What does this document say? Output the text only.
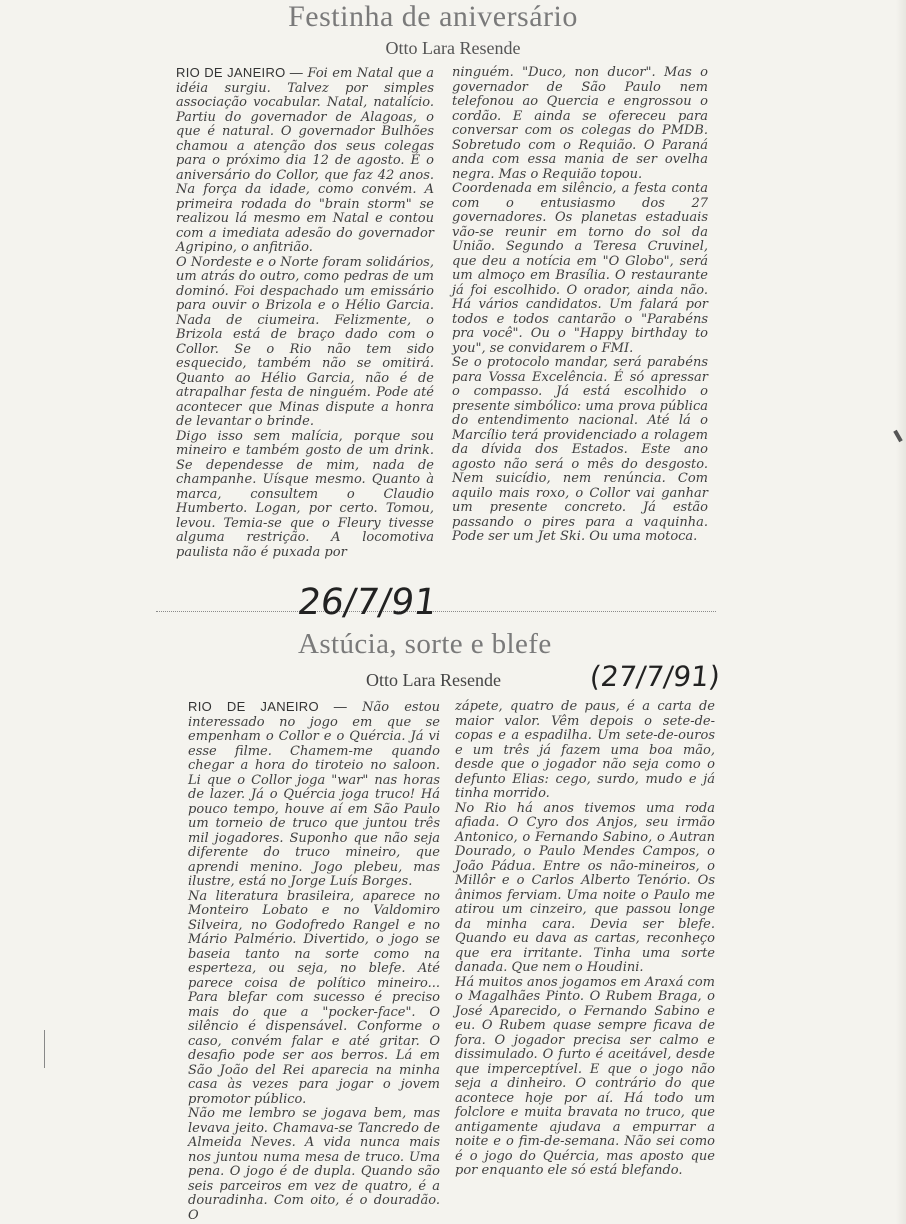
Festinha de aniversário
Otto Lara Resende
RIO DE JANEIRO — Foi em Natal que a idéia surgiu. Talvez por simples associação vocabular. Natal, natalício. Partiu do governador de Alagoas, o que é natural. O governador Bulhões chamou a atenção dos seus colegas para o próximo dia 12 de agosto. É o aniversário do Collor, que faz 42 anos. Na força da idade, como convém. A primeira rodada do "brain storm" se realizou lá mesmo em Natal e contou com a imediata adesão do governador Agripino, o anfitrião.
O Nordeste e o Norte foram solidários, um atrás do outro, como pedras de um dominó. Foi despachado um emissário para ouvir o Brizola e o Hélio Garcia. Nada de ciumeira. Felizmente, o Brizola está de braço dado com o Collor. Se o Rio não tem sido esquecido, também não se omitirá. Quanto ao Hélio Garcia, não é de atrapalhar festa de ninguém. Pode até acontecer que Minas dispute a honra de levantar o brinde.
Digo isso sem malícia, porque sou mineiro e também gosto de um drink. Se dependesse de mim, nada de champanhe. Uísque mesmo. Quanto à marca, consultem o Claudio Humberto. Logan, por certo. Tomou, levou. Temia-se que o Fleury tivesse alguma restrição. A locomotiva paulista não é puxada por
ninguém. "Duco, non ducor". Mas o governador de São Paulo nem telefonou ao Quercia e engrossou o cordão. E ainda se ofereceu para conversar com os colegas do PMDB. Sobretudo com o Requião. O Paraná anda com essa mania de ser ovelha negra. Mas o Requião topou.
Coordenada em silêncio, a festa conta com o entusiasmo dos 27 governadores. Os planetas estaduais vão-se reunir em torno do sol da União. Segundo a Teresa Cruvinel, que deu a notícia em "O Globo", será um almoço em Brasília. O restaurante já foi escolhido. O orador, ainda não. Há vários candidatos. Um falará por todos e todos cantarão o "Parabéns pra você". Ou o "Happy birthday to you", se convidarem o FMI.
Se o protocolo mandar, será parabéns para Vossa Excelência. É só apressar o compasso. Já está escolhido o presente simbólico: uma prova pública do entendimento nacional. Até lá o Marcílio terá providenciado a rolagem da dívida dos Estados. Este ano agosto não será o mês do desgosto. Nem suicídio, nem renúncia. Com aquilo mais roxo, o Collor vai ganhar um presente concreto. Já estão passando o pires para a vaquinha. Pode ser um Jet Ski. Ou uma motoca.
26/7/91
Astúcia, sorte e blefe
Otto Lara Resende	(27/7/91)
RIO DE JANEIRO — Não estou interessado no jogo em que se empenham o Collor e o Quércia. Já vi esse filme. Chamem-me quando chegar a hora do tiroteio no saloon. Li que o Collor joga "war" nas horas de lazer. Já o Quércia joga truco! Há pouco tempo, houve aí em São Paulo um torneio de truco que juntou três mil jogadores. Suponho que não seja diferente do truco mineiro, que aprendi menino. Jogo plebeu, mas ilustre, está no Jorge Luís Borges.
Na literatura brasileira, aparece no Monteiro Lobato e no Valdomiro Silveira, no Godofredo Rangel e no Mário Palmério. Divertido, o jogo se baseia tanto na sorte como na esperteza, ou seja, no blefe. Até parece coisa de político mineiro... Para blefar com sucesso é preciso mais do que a "pocker-face". O silêncio é dispensável. Conforme o caso, convém falar e até gritar. O desafio pode ser aos berros. Lá em São João del Rei aparecia na minha casa às vezes para jogar o jovem promotor público.
Não me lembro se jogava bem, mas levava jeito. Chamava-se Tancredo de Almeida Neves. A vida nunca mais nos juntou numa mesa de truco. Uma pena. O jogo é de dupla. Quando são seis parceiros em vez de quatro, é a douradinha. Com oito, é o douradão. O
zápete, quatro de paus, é a carta de maior valor. Vêm depois o sete-de-copas e a espadilha. Um sete-de-ouros e um três já fazem uma boa mão, desde que o jogador não seja como o defunto Elias: cego, surdo, mudo e já tinha morrido.
No Rio há anos tivemos uma roda afiada. O Cyro dos Anjos, seu irmão Antonico, o Fernando Sabino, o Autran Dourado, o Paulo Mendes Campos, o João Pádua. Entre os não-mineiros, o Millôr e o Carlos Alberto Tenório. Os ânimos ferviam. Uma noite o Paulo me atirou um cinzeiro, que passou longe da minha cara. Devia ser blefe. Quando eu dava as cartas, reconheço que era irritante. Tinha uma sorte danada. Que nem o Houdini.
Há muitos anos jogamos em Araxá com o Magalhães Pinto. O Rubem Braga, o José Aparecido, o Fernando Sabino e eu. O Rubem quase sempre ficava de fora. O jogador precisa ser calmo e dissimulado. O furto é aceitável, desde que imperceptível. E que o jogo não seja a dinheiro. O contrário do que acontece hoje por aí. Há todo um folclore e muita bravata no truco, que antigamente ajudava a empurrar a noite e o fim-de-semana. Não sei como é o jogo do Quércia, mas aposto que por enquanto ele só está blefando.
